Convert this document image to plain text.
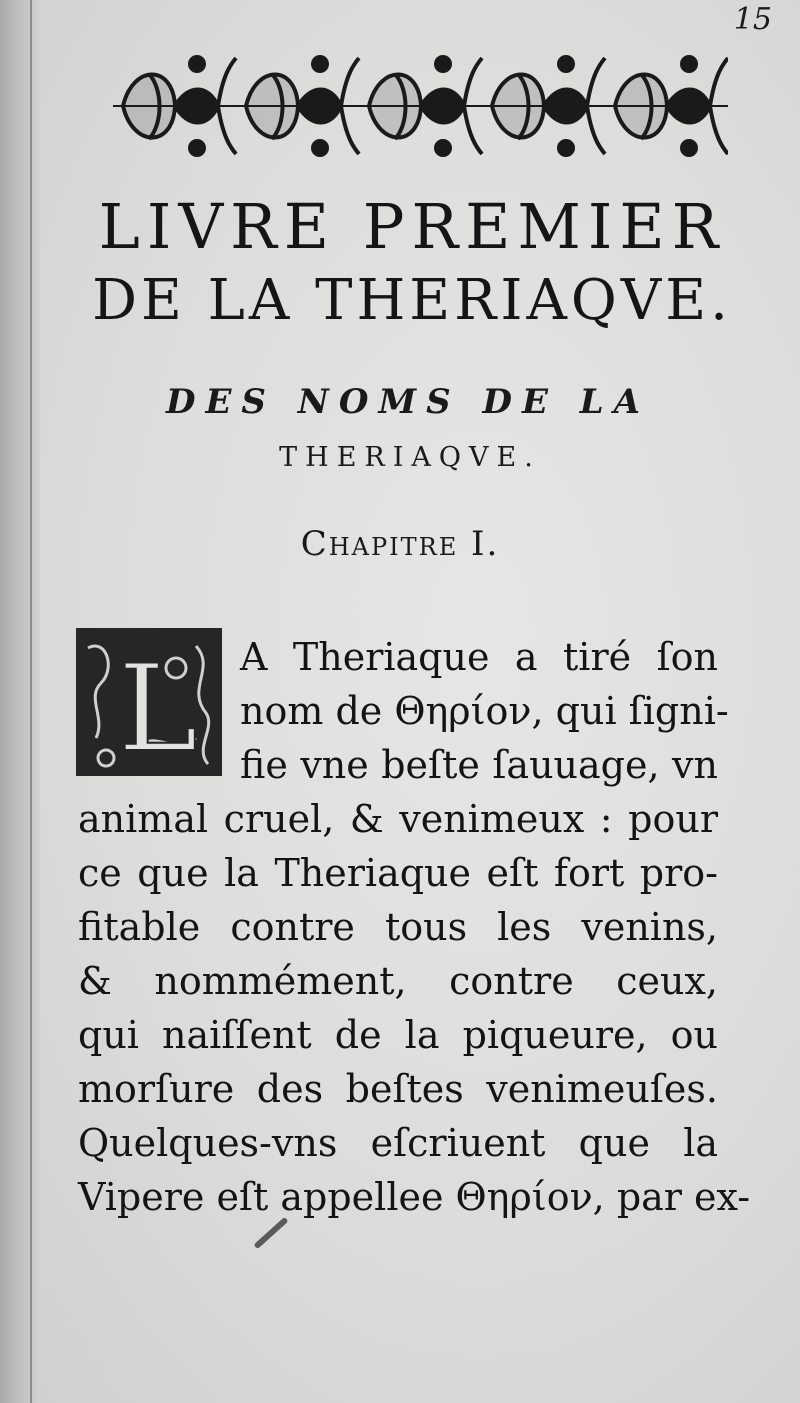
15
LIVRE PREMIER
DE LA THERIAQVE.
DES NOMS DE LA
THERIAQVE.
Chapitre I.
L A Theriaque a tiré ſon

nom de Θηρίον, qui ſigni-

fie vne beſte ſauuage, vn

animal cruel, & venimeux : pour

ce que la Theriaque eſt fort pro-

fitable contre tous les venins,

& nommément, contre ceux,

qui naiſſent de la piqueure, ou

morſure des beſtes venimeuſes.

Quelques-vns eſcriuent que la

Vipere eſt appellee Θηρίον, par ex-
